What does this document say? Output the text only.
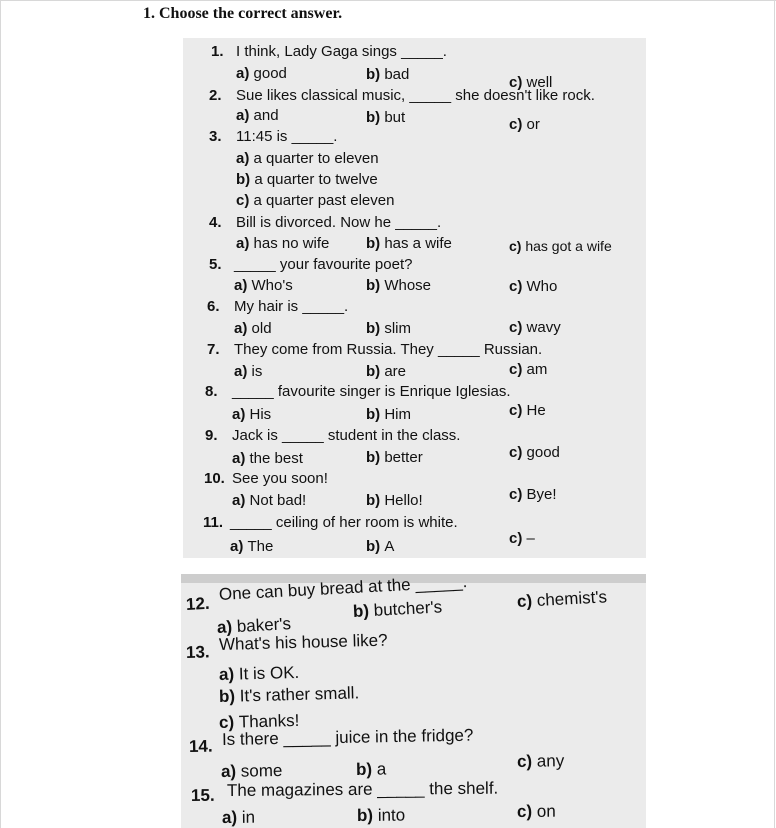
1. Choose the correct answer.
1. I think, Lady Gaga sings _____.
a) good	b) bad	c) well
2. Sue likes classical music, _____ she doesn't like rock.
a) and	b) but	c) or
3. 11:45 is _____.
a) a quarter to eleven
b) a quarter to twelve
c) a quarter past eleven
4. Bill is divorced. Now he _____.
a) has no wife b) has a wife	c) has got a wife
5. _____ your favourite poet?
a) Who's	b) Whose	c) Who
6. My hair is _____.
a) old	b) slim	c) wavy
7. They come from Russia. They _____ Russian.
a) is	b) are	c) am
8. _____ favourite singer is Enrique Iglesias.
a) His	b) Him	c) He
9. Jack is _____ student in the class.
a) the best	b) better	c) good
10. See you soon!
a) Not bad!	b) Hello!	c) Bye!
11. _____ ceiling of her room is white.
a) The	b) A	c) –
12. One can buy bread at the _____.
a) baker's
b) butcher's	c) chemist's
13. What's his house like?
a) It is OK.
b) It's rather small.
c) Thanks!
14. Is there _____ juice in the fridge?
a) some	b) a	c) any
15. The magazines are _____ the shelf.
a) in	b) into	c) on
